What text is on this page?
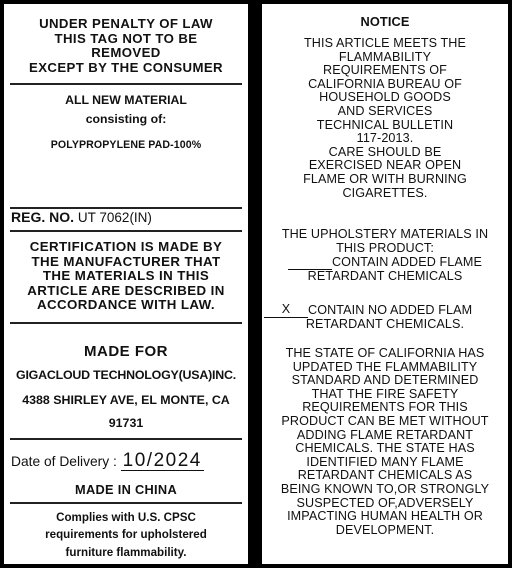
UNDER PENALTY OF LAW
THIS TAG NOT TO BE
REMOVED
EXCEPT BY THE CONSUMER
ALL NEW MATERIAL
consisting of:
POLYPROPYLENE PAD-100%
REG. NO. UT 7062(IN)
CERTIFICATION IS MADE BY
THE MANUFACTURER THAT
THE MATERIALS IN THIS
ARTICLE ARE DESCRIBED IN
ACCORDANCE WITH LAW.
MADE FOR
GIGACLOUD TECHNOLOGY(USA)INC.
4388 SHIRLEY AVE, EL MONTE, CA
91731
Date of Delivery : 10/2024
MADE IN CHINA
Complies with U.S. CPSC
requirements for upholstered
furniture flammability.
NOTICE
THIS ARTICLE MEETS THE
FLAMMABILITY
REQUIREMENTS OF
CALIFORNIA BUREAU OF
HOUSEHOLD GOODS
AND SERVICES
TECHNICAL BULLETIN
117-2013.
CARE SHOULD BE
EXERCISED NEAR OPEN
FLAME OR WITH BURNING
CIGARETTES.
THE UPHOLSTERY MATERIALS IN
THIS PRODUCT:
CONTAIN ADDED FLAME
RETARDANT CHEMICALS
X CONTAIN NO ADDED FLAM
RETARDANT CHEMICALS.
THE STATE OF CALIFORNIA HAS
UPDATED THE FLAMMABILITY
STANDARD AND DETERMINED
THAT THE FIRE SAFETY
REQUIREMENTS FOR THIS
PRODUCT CAN BE MET WITHOUT
ADDING FLAME RETARDANT
CHEMICALS. THE STATE HAS
IDENTIFIED MANY FLAME
RETARDANT CHEMICALS AS
BEING KNOWN TO,OR STRONGLY
SUSPECTED OF,ADVERSELY
IMPACTING HUMAN HEALTH OR
DEVELOPMENT.
